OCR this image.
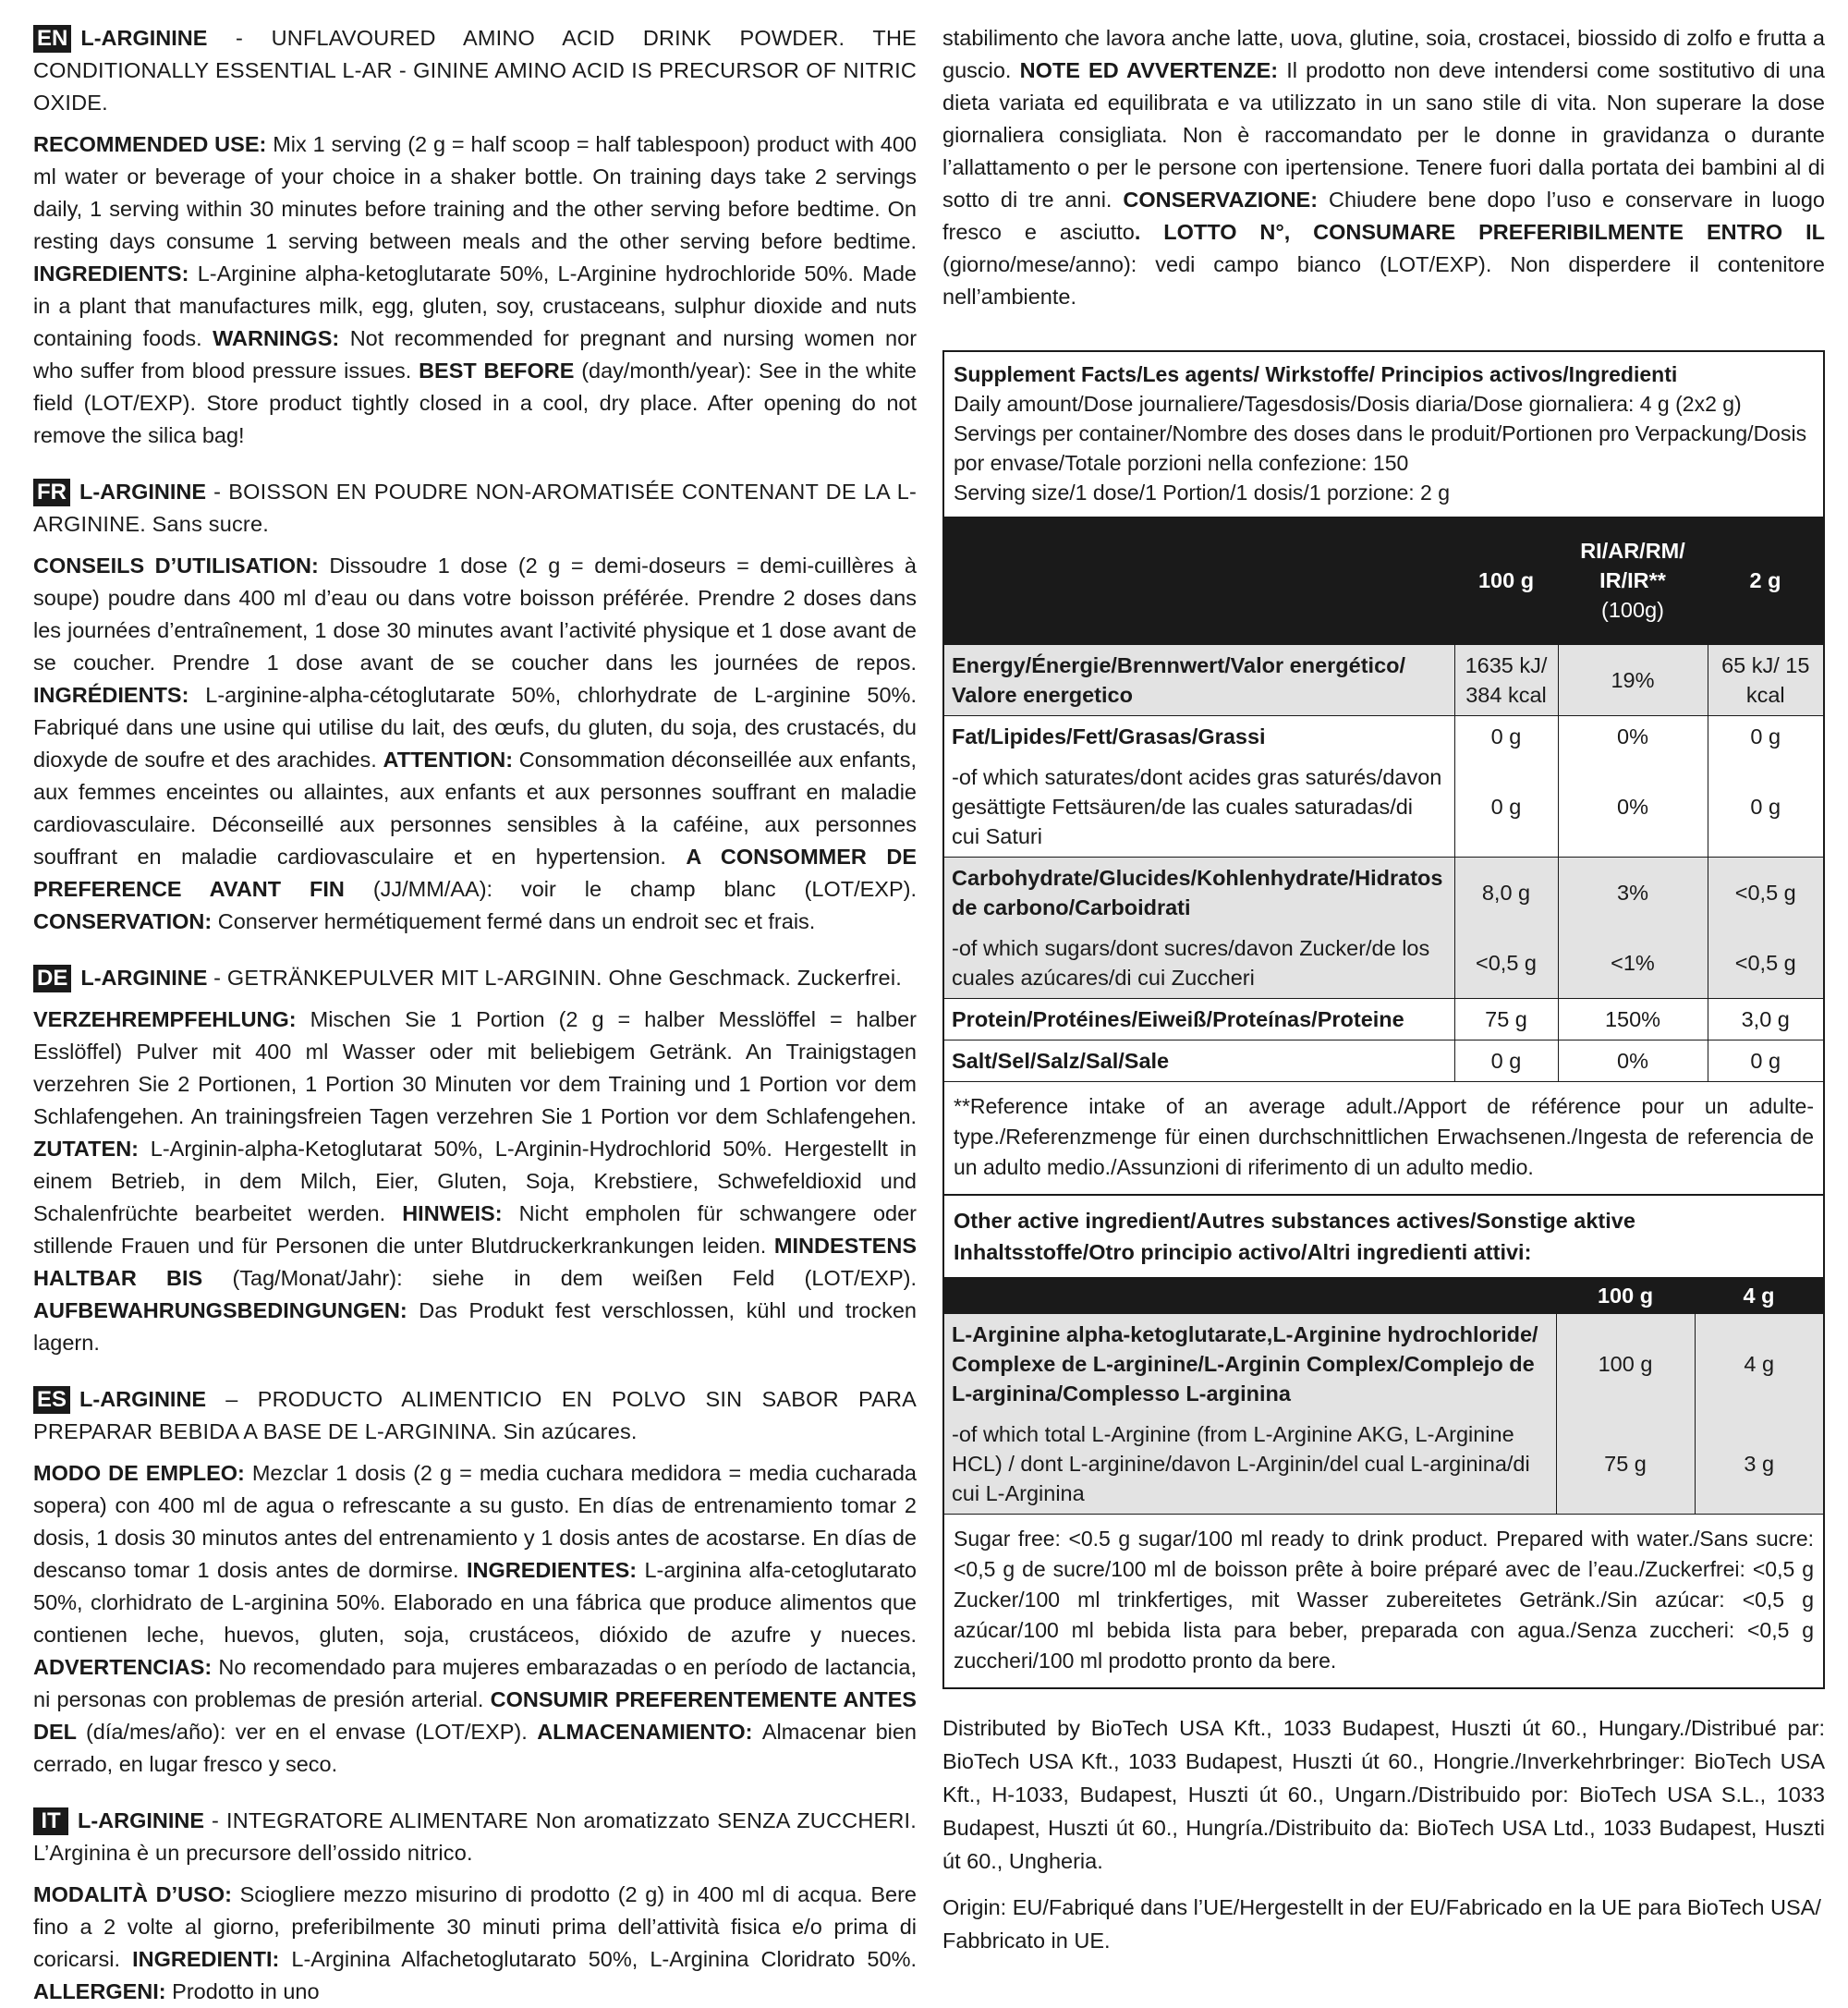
EN L-ARGININE - UNFLAVOURED AMINO ACID DRINK POWDER. THE CONDITIONALLY ESSENTIAL L-AR - GININE AMINO ACID IS PRECURSOR OF NITRIC OXIDE.

RECOMMENDED USE: Mix 1 serving (2 g = half scoop = half tablespoon) product with 400 ml water or beverage of your choice in a shaker bottle. On training days take 2 servings daily, 1 serving within 30 minutes before training and the other serving before bedtime. On resting days consume 1 serving between meals and the other serving before bedtime. INGREDIENTS: L-Arginine alpha-ketoglutarate 50%, L-Arginine hydrochloride 50%. Made in a plant that manufactures milk, egg, gluten, soy, crustaceans, sulphur dioxide and nuts containing foods. WARNINGS: Not recommended for pregnant and nursing women nor who suffer from blood pressure issues. BEST BEFORE (day/month/year): See in the white field (LOT/EXP). Store product tightly closed in a cool, dry place. After opening do not remove the silica bag!

FR L-ARGININE - BOISSON EN POUDRE NON-AROMATISÉE CONTENANT DE LA L-ARGININE. Sans sucre.

CONSEILS D’UTILISATION: Dissoudre 1 dose (2 g = demi-doseurs = demi-cuillères à soupe) poudre dans 400 ml d’eau ou dans votre boisson préférée. Prendre 2 doses dans les journées d’entraînement, 1 dose 30 minutes avant l’activité physique et 1 dose avant de se coucher. Prendre 1 dose avant de se coucher dans les journées de repos. INGRÉDIENTS: L-arginine-alpha-cétoglutarate 50%, chlorhydrate de L-arginine 50%. Fabriqué dans une usine qui utilise du lait, des œufs, du gluten, du soja, des crustacés, du dioxyde de soufre et des arachides. ATTENTION: Consommation déconseillée aux enfants, aux femmes enceintes ou allaintes, aux enfants et aux personnes souffrant en maladie cardiovasculaire. Déconseillé aux personnes sensibles à la caféine, aux personnes souffrant en maladie cardiovasculaire et en hypertension. A CONSOMMER DE PREFERENCE AVANT FIN (JJ/MM/AA): voir le champ blanc (LOT/EXP). CONSERVATION: Conserver hermétiquement fermé dans un endroit sec et frais.

DE L-ARGININE - GETRÄNKEPULVER MIT L-ARGININ. Ohne Geschmack. Zuckerfrei.

VERZEHREMPFEHLUNG: Mischen Sie 1 Portion (2 g = halber Messlöffel = halber Esslöffel) Pulver mit 400 ml Wasser oder mit beliebigem Getränk. An Trainigstagen verzehren Sie 2 Portionen, 1 Portion 30 Minuten vor dem Training und 1 Portion vor dem Schlafengehen. An trainingsfreien Tagen verzehren Sie 1 Portion vor dem Schlafengehen. ZUTATEN: L-Arginin-alpha-Ketoglutarat 50%, L-Arginin-Hydrochlorid 50%. Hergestellt in einem Betrieb, in dem Milch, Eier, Gluten, Soja, Krebstiere, Schwefeldioxid und Schalenfrüchte bearbeitet werden. HINWEIS: Nicht empholen für schwangere oder stillende Frauen und für Personen die unter Blutdruckerkrankungen leiden. MINDESTENS HALTBAR BIS (Tag/Monat/Jahr): siehe in dem weißen Feld (LOT/EXP). AUFBEWAHRUNGSBEDINGUNGEN: Das Produkt fest verschlossen, kühl und trocken lagern.

ES L-ARGININE – PRODUCTO ALIMENTICIO EN POLVO SIN SABOR PARA PREPARAR BEBIDA A BASE DE L-ARGININA. Sin azúcares.

MODO DE EMPLEO: Mezclar 1 dosis (2 g = media cuchara medidora = media cucharada sopera) con 400 ml de agua o refrescante a su gusto. En días de entrenamiento tomar 2 dosis, 1 dosis 30 minutos antes del entrenamiento y 1 dosis antes de acostarse. En días de descanso tomar 1 dosis antes de dormirse. INGREDIENTES: L-arginina alfa-cetoglutarato 50%, clorhidrato de L-arginina 50%. Elaborado en una fábrica que produce alimentos que contienen leche, huevos, gluten, soja, crustáceos, dióxido de azufre y nueces. ADVERTENCIAS: No recomendado para mujeres embarazadas o en período de lactancia, ni personas con problemas de presión arterial. CONSUMIR PREFERENTEMENTE ANTES DEL (día/mes/año): ver en el envase (LOT/EXP). ALMACENAMIENTO: Almacenar bien cerrado, en lugar fresco y seco.

IT L-ARGININE - INTEGRATORE ALIMENTARE Non aromatizzato SENZA ZUCCHERI. L’Arginina è un precursore dell’ossido nitrico.

MODALITÀ D’USO: Sciogliere mezzo misurino di prodotto (2 g) in 400 ml di acqua. Bere fino a 2 volte al giorno, preferibilmente 30 minuti prima dell’attività fisica e/o prima di coricarsi. INGREDIENTI: L-Arginina Alfachetoglutarato 50%, L-Arginina Cloridrato 50%. ALLERGENI: Prodotto in uno

stabilimento che lavora anche latte, uova, glutine, soia, crostacei, biossido di zolfo e frutta a guscio. NOTE ED AVVERTENZE: Il prodotto non deve intendersi come sostitutivo di una dieta variata ed equilibrata e va utilizzato in un sano stile di vita. Non superare la dose giornaliera consigliata. Non è raccomandato per le donne in gravidanza o durante l’allattamento o per le persone con ipertensione. Tenere fuori dalla portata dei bambini al di sotto di tre anni. CONSERVAZIONE: Chiudere bene dopo l’uso e conservare in luogo fresco e asciutto. LOTTO N°, CONSUMARE PREFERIBILMENTE ENTRO IL (giorno/mese/anno): vedi campo bianco (LOT/EXP). Non disperdere il contenitore nell’ambiente.

Supplement Facts/Les agents/ Wirkstoffe/ Principios activos/Ingredienti
Daily amount/Dose journaliere/Tagesdosis/Dosis diaria/Dose giornaliera: 4 g (2x2 g)
Servings per container/Nombre des doses dans le produit/Portionen pro Verpackung/Dosis por envase/Totale porzioni nella confezione: 150
Serving size/1 dose/1 Portion/1 dosis/1 porzione: 2 g
	100 g	RI/AR/RM/
IR/IR**
(100g)	2 g
Energy/Énergie/Brennwert/Valor energético/ Valore energetico	1635 kJ/ 384 kcal	19%	65 kJ/ 15 kcal
Fat/Lipides/Fett/Grasas/Grassi	0 g	0%	0 g
-of which saturates/dont acides gras saturés/davon gesättigte Fettsäuren/de las cuales saturadas/di cui Saturi	0 g	0%	0 g
Carbohydrate/Glucides/Kohlenhydrate/Hidratos de carbono/Carboidrati	8,0 g	3%	<0,5 g
-of which sugars/dont sucres/davon Zucker/de los cuales azúcares/di cui Zuccheri	<0,5 g	<1%	<0,5 g
Protein/Protéines/Eiweiß/Proteínas/Proteine	75 g	150%	3,0 g
Salt/Sel/Salz/Sal/Sale	0 g	0%	0 g
**Reference intake of an average adult./Apport de référence pour un adulte-type./Referenzmenge für einen durchschnittlichen Erwachsenen./Ingesta de referencia de un adulto medio./Assunzioni di riferimento di un adulto medio.
Other active ingredient/Autres substances actives/Sonstige aktive Inhaltsstoffe/Otro principio activo/Altri ingredienti attivi:
	100 g	4 g
L-Arginine alpha-ketoglutarate,L-Arginine hydrochloride/ Complexe de L-arginine/L-Arginin Complex/Complejo de L-arginina/Complesso L-arginina	100 g	4 g
-of which total L-Arginine (from L-Arginine AKG, L-Arginine HCL) / dont L-arginine/davon L-Arginin/del cual L-arginina/di cui L-Arginina	75 g	3 g
Sugar free: <0.5 g sugar/100 ml ready to drink product. Prepared with water./Sans sucre: <0,5 g de sucre/100 ml de boisson prête à boire préparé avec de l’eau./Zuckerfrei: <0,5 g Zucker/100 ml trinkfertiges, mit Wasser zubereitetes Getränk./Sin azúcar: <0,5 g azúcar/100 ml bebida lista para beber, preparada con agua./Senza zuccheri: <0,5 g zuccheri/100 ml prodotto pronto da bere.
Distributed by BioTech USA Kft., 1033 Budapest, Huszti út 60., Hungary./Distribué par: BioTech USA Kft., 1033 Budapest, Huszti út 60., Hongrie./Inverkehrbringer: BioTech USA Kft., H-1033, Budapest, Huszti út 60., Ungarn./Distribuido por: BioTech USA S.L., 1033 Budapest, Huszti út 60., Hungría./Distribuito da: BioTech USA Ltd., 1033 Budapest, Huszti út 60., Ungheria.
Origin: EU/Fabriqué dans l’UE/Hergestellt in der EU/Fabricado en la UE para BioTech USA/ Fabbricato in UE.
